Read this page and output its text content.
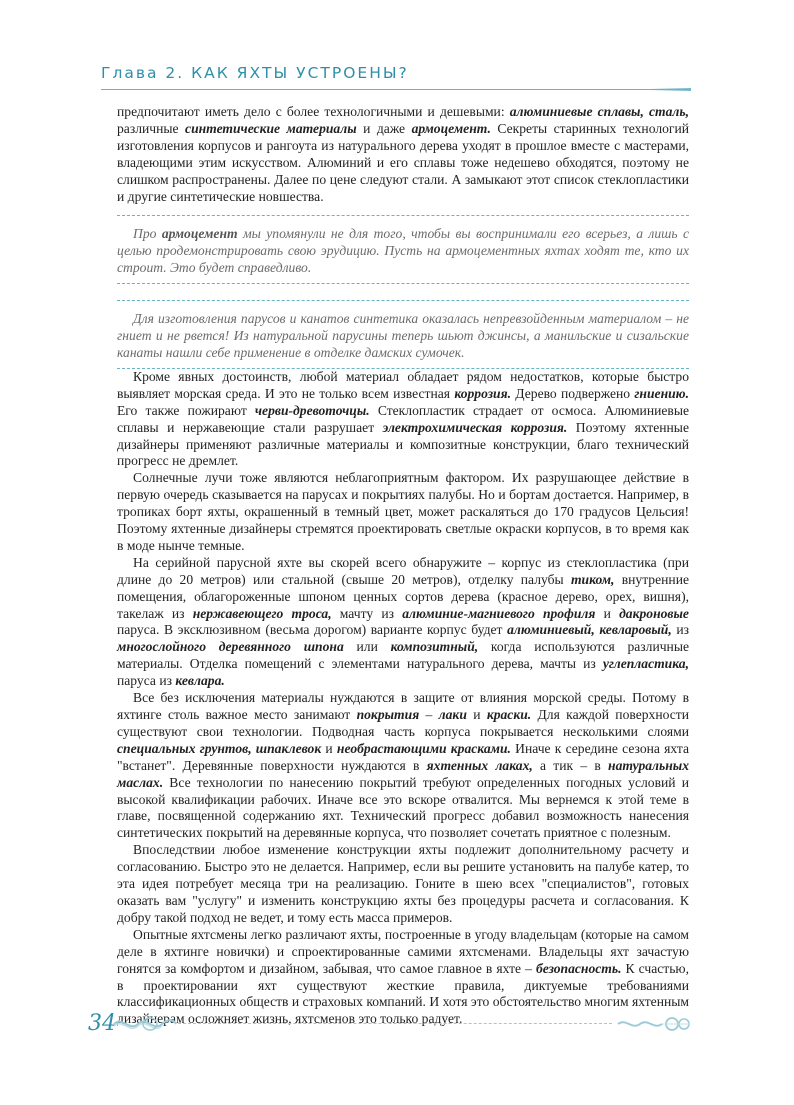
Глава 2. КАК ЯХТЫ УСТРОЕНЫ?

предпочитают иметь дело с более технологичными и дешевыми: алюминиевые сплавы, сталь, различные синтетические материалы и даже армоцемент. Секреты старинных технологий изготовления корпусов и рангоута из натурального дерева уходят в прошлое вместе с мастерами, владеющими этим искусством. Алюминий и его сплавы тоже недешево обходятся, поэтому не слишком распространены. Далее по цене следуют стали. А замыкают этот список стеклопластики и другие синтетические новшества.

Про армоцемент мы упомянули не для того, чтобы вы воспринимали его всерьез, а лишь с целью продемонстрировать свою эрудицию. Пусть на армоцементных яхтах ходят те, кто их строит. Это будет справедливо.

Для изготовления парусов и канатов синтетика оказалась непревзойденным материалом – не гниет и не рвется! Из натуральной парусины теперь шьют джинсы, а манильские и сизальские канаты нашли себе применение в отделке дамских сумочек.

Кроме явных достоинств, любой материал обладает рядом недостатков, которые быстро выявляет морская среда. И это не только всем известная коррозия. Дерево подвержено гниению. Его также пожирают черви-древоточцы. Стеклопластик страдает от осмоса. Алюминиевые сплавы и нержавеющие стали разрушает электрохимическая коррозия. Поэтому яхтенные дизайнеры применяют различные материалы и композитные конструкции, благо технический прогресс не дремлет.

Солнечные лучи тоже являются неблагоприятным фактором. Их разрушающее действие в первую очередь сказывается на парусах и покрытиях палубы. Но и бортам достается. Например, в тропиках борт яхты, окрашенный в темный цвет, может раскаляться до 170 градусов Цельсия! Поэтому яхтенные дизайнеры стремятся проектировать светлые окраски корпусов, в то время как в моде нынче темные.

На серийной парусной яхте вы скорей всего обнаружите – корпус из стеклопластика (при длине до 20 метров) или стальной (свыше 20 метров), отделку палубы тиком, внутренние помещения, облагороженные шпоном ценных сортов дерева (красное дерево, орех, вишня), такелаж из нержавеющего троса, мачту из алюминие-магниевого профиля и дакроновые паруса. В эксклюзивном (весьма дорогом) варианте корпус будет алюминиевый, кевларовый, из многослойного деревянного шпона или композитный, когда используются различные материалы. Отделка помещений с элементами натурального дерева, мачты из углепластика, паруса из кевлара.

Все без исключения материалы нуждаются в защите от влияния морской среды. Потому в яхтинге столь важное место занимают покрытия – лаки и краски. Для каждой поверхности существуют свои технологии. Подводная часть корпуса покрывается несколькими слоями специальных грунтов, шпаклевок и необрастающими красками. Иначе к середине сезона яхта "встанет". Деревянные поверхности нуждаются в яхтенных лаках, а тик – в натуральных маслах. Все технологии по нанесению покрытий требуют определенных погодных условий и высокой квалификации рабочих. Иначе все это вскоре отвалится. Мы вернемся к этой теме в главе, посвященной содержанию яхт. Технический прогресс добавил возможность нанесения синтетических покрытий на деревянные корпуса, что позволяет сочетать приятное с полезным.

Впоследствии любое изменение конструкции яхты подлежит дополнительному расчету и согласованию. Быстро это не делается. Например, если вы решите установить на палубе катер, то эта идея потребует месяца три на реализацию. Гоните в шею всех "специалистов", готовых оказать вам "услугу" и изменить конструкцию яхты без процедуры расчета и согласования. К добру такой подход не ведет, и тому есть масса примеров.

Опытные яхтсмены легко различают яхты, построенные в угоду владельцам (которые на самом деле в яхтинге новички) и спроектированные самими яхтсменами. Владельцы яхт зачастую гонятся за комфортом и дизайном, забывая, что самое главное в яхте – безопасность. К счастью, в проектировании яхт существуют жесткие правила, диктуемые требованиями классификационных обществ и страховых компаний. И хотя это обстоятельство многим яхтенным дизайнерам осложняет жизнь, яхтсменов это только радует.

34
